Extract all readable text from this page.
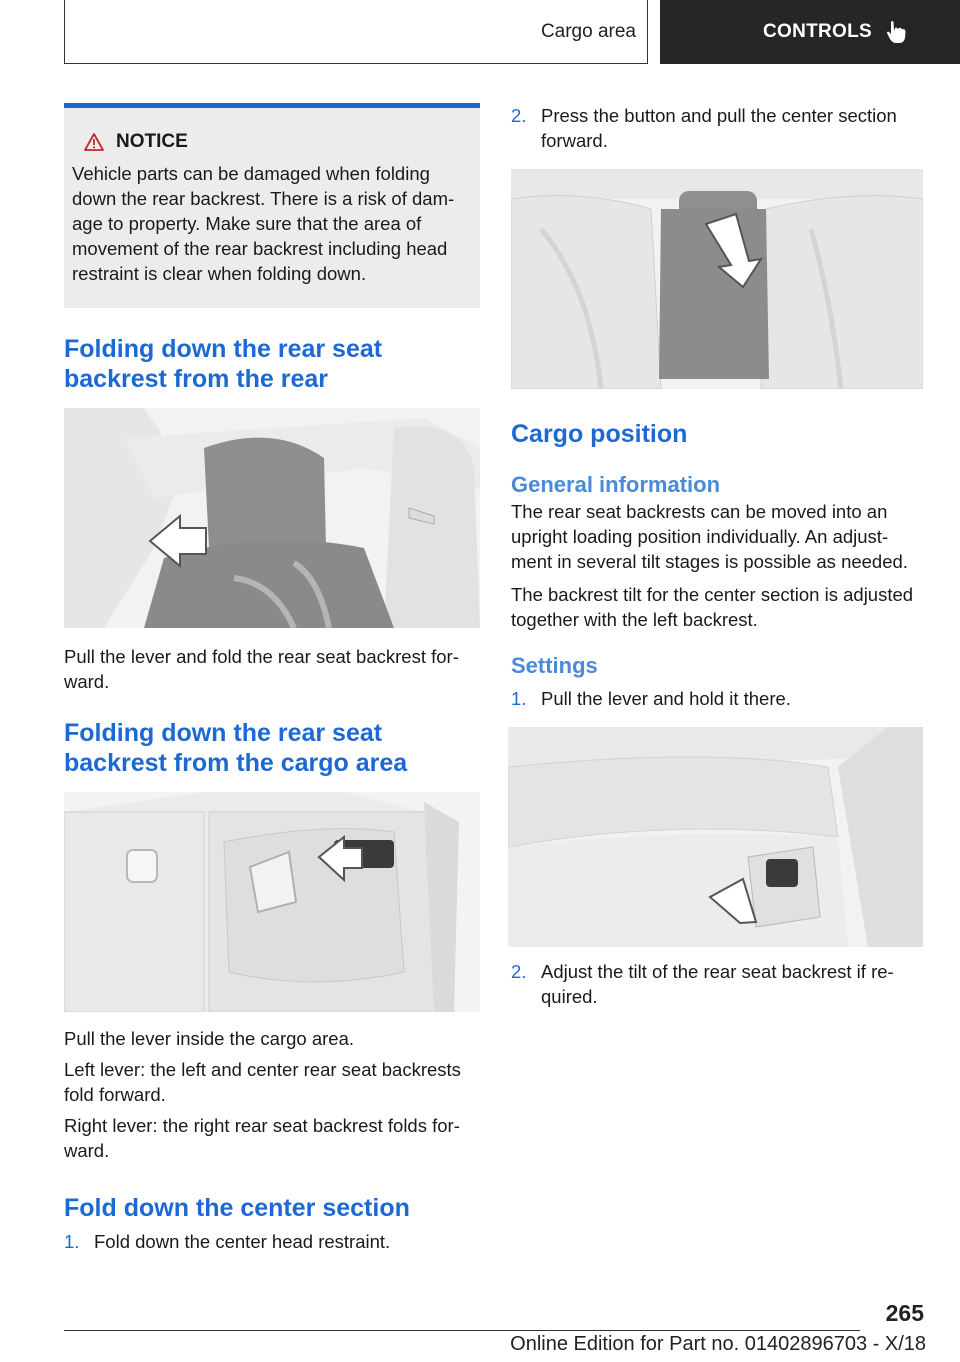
Cargo area	CONTROLS
NOTICE

Vehicle parts can be damaged when folding down the rear backrest. There is a risk of damage to property. Make sure that the area of movement of the rear backrest including head restraint is clear when folding down.

Folding down the rear seat backrest from the rear

Pull the lever and fold the rear seat backrest forward.

Folding down the rear seat backrest from the cargo area

Pull the lever inside the cargo area.

Left lever: the left and center rear seat backrests fold forward.

Right lever: the right rear seat backrest folds forward.

Fold down the center section
1. Fold down the center head restraint.
2. Press the button and pull the center section forward.
Cargo position
General information

The rear seat backrests can be moved into an upright loading position individually. An adjustment in several tilt stages is possible as needed.

The backrest tilt for the center section is adjusted together with the left backrest.

Settings
1. Pull the lever and hold it there.
2. Adjust the tilt of the rear seat backrest if required.
265
Online Edition for Part no. 01402896703 - X/18
